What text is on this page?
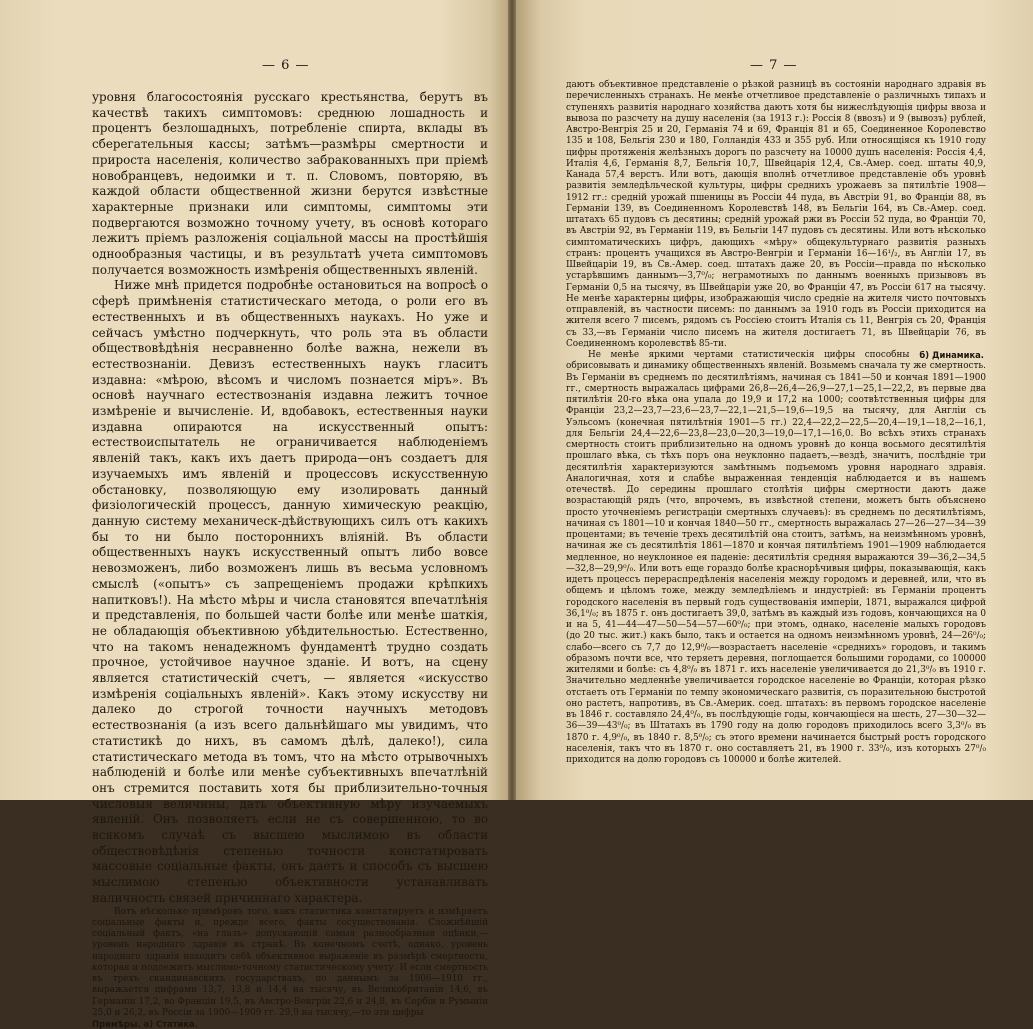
— 6 —

уровня благосостоянія русскаго крестьянства, берутъ въ качествѣ такихъ симптомовъ: среднюю лошадность и процентъ безлошадныхъ, потребленіе спирта, вклады въ сберегательныя кассы; затѣмъ—размѣры смертности и прироста населенія, количество забракованныхъ при пріемѣ новобранцевъ, недоимки и т. п. Словомъ, повторяю, въ каждой области общественной жизни берутся извѣстные характерные признаки или симптомы, симптомы эти подвергаются возможно точному учету, въ основѣ котораго лежитъ пріемъ разложенія соціальной массы на простѣйшія однообразныя частицы, и въ результатѣ учета симптомовъ получается возможность измѣренія общественныхъ явленій.

Ниже мнѣ придется подробнѣе остановиться на вопросѣ о сферѣ примѣненія статистическаго метода, о роли его въ естественныхъ и въ общественныхъ наукахъ. Но уже и сейчасъ умѣстно подчеркнуть, что роль эта въ области обществовѣдѣнія несравненно болѣе важна, нежели въ естествознаніи. Девизъ естественныхъ наукъ гласитъ издавна: «мѣрою, вѣсомъ и числомъ познается міръ». Въ основѣ научнаго естествознанія издавна лежитъ точное измѣреніе и вычисленіе. И, вдобавокъ, естественныя науки издавна опираются на искусственный опытъ: естествоиспытатель не ограничивается наблюденіемъ явленій такъ, какъ ихъ даетъ природа—онъ создаетъ для изучаемыхъ имъ явленій и процессовъ искусственную обстановку, позволяющую ему изолировать данный физіологическій процессъ, данную химическую реакцію, данную систему механическ-дѣйствующихъ силъ отъ какихъ бы то ни было постороннихъ вліяній. Въ области общественныхъ наукъ искусственный опытъ либо вовсе невозможенъ, либо возможенъ лишь въ весьма условномъ смыслѣ («опытъ» съ запрещеніемъ продажи крѣпкихъ напитковъ!). На мѣсто мѣры и числа становятся впечатлѣнія и представленія, по большей части болѣе или менѣе шаткія, не обладающія объективною убѣдительностью. Естественно, что на такомъ ненадежномъ фундаментѣ трудно создать прочное, устойчивое научное зданіе. И вотъ, на сцену является статистическій счетъ, — является «искусство измѣренія соціальныхъ явленій». Какъ этому искусству ни далеко до строгой точности научныхъ методовъ естествознанія (а изъ всего дальнѣйшаго мы увидимъ, что статистикѣ до нихъ, въ самомъ дѣлѣ, далеко!), сила статистическаго метода въ томъ, что на мѣсто отрывочныхъ наблюденій и болѣе или менѣе субъективныхъ впечатлѣній онъ стремится поставить хотя бы приблизительно-точныя числовыя величины, дать объективную мѣру изучаемыхъ явленій. Онъ позволяетъ если не съ совершенною, то во всякомъ случаѣ съ высшею мыслимою въ области обществовѣдѣнія степенью точности констатировать массовые соціальные факты, онъ даетъ и способъ съ высшею мыслимою степенью объективности устанавливать наличность связей причиннаго характера.

Вотъ нѣсколько примѣровъ того, какъ статистика констатируетъ и измѣряетъ соціальные факты и, прежде всего, факты сосуществованія. Сложнѣйшій соціальный фактъ, «на глазъ» допускающій самыя разнообразныя оцѣнки,— уровень народнаго здравія въ странѣ. Въ конечномъ счетѣ, однако, уровень народнаго здравія находитъ себѣ объективное выраженіе въ размѣрѣ смертности, которая и подлежитъ мыслимо-точному статистическому учету. И если смертность въ трехъ скандинавскихъ государствахъ, по даннымъ за 1906—1910 гг., выражается цифрами 13,7, 13,8 и 14,4 на тысячу, въ Великобританіи 14,6, въ Германіи 17,2, во Франціи 19,5, въ Австро-Венгріи 22,6 и 24,8, въ Сербіи и Румыніи 25,0 и 26,2, въ Россіи за 1900—1909 гг. 29,9 на тысячу,—то эти цифры

Примѣры. а) Статика.
— 7 —

даютъ объективное представленіе о рѣзкой разницѣ въ состояніи народнаго здравія въ перечисленныхъ странахъ. Не менѣе отчетливое представленіе о различныхъ типахъ и ступеняхъ развитія народнаго хозяйства даютъ хотя бы нижеслѣдующія цифры ввоза и вывоза по разсчету на душу населенія (за 1913 г.): Россія 8 (ввозъ) и 9 (вывозъ) рублей, Австро-Венгрія 25 и 20, Германія 74 и 69, Франція 81 и 65, Соединенное Королевство 135 и 108, Бельгія 230 и 180, Голландія 433 и 355 руб. Или относящіяся къ 1910 году цифры протяженія желѣзныхъ дорогъ по разсчету на 10000 душъ населенія: Россія 4,4, Италія 4,6, Германія 8,7, Бельгія 10,7, Швейцарія 12,4, Св.-Амер. соед. штаты 40,9, Канада 57,4 верстъ. Или вотъ, дающія вполнѣ отчетливое представленіе объ уровнѣ развитія земледѣльческой культуры, цифры среднихъ урожаевъ за пятилѣтіе 1908—1912 гг.: средній урожай пшеницы въ Россіи 44 пуда, въ Австріи 91, во Франціи 88, въ Германіи 139, въ Соединенномъ Королевствѣ 148, въ Бельгіи 164, въ Св.-Амер. соед. штатахъ 65 пудовъ съ десятины; средній урожай ржи въ Россіи 52 пуда, во Франціи 70, въ Австріи 92, въ Германіи 119, въ Бельгіи 147 пудовъ съ десятины. Или вотъ нѣсколько симптоматическихъ цифръ, дающихъ «мѣру» общекультурнаго развитія разныхъ странъ: процентъ учащихся въ Австро-Венгріи и Германіи 16—16¹/₂, въ Англіи 17, въ Швейцаріи 19, въ Св.-Амер. соед. штатахъ даже 20, въ Россіи—правда по нѣсколько устарѣвшимъ даннымъ—3,7⁰/₀; неграмотныхъ по даннымъ военныхъ призывовъ въ Германіи 0,5 на тысячу, въ Швейцаріи уже 20, во Франціи 47, въ Россіи 617 на тысячу. Не менѣе характерны цифры, изображающія число средніе на жителя чисто почтовыхъ отправленій, въ частности писемъ: по даннымъ за 1910 годъ въ Россіи приходится на жителя всего 7 писемъ, рядомъ съ Россіею стоитъ Италія съ 11, Венгрія съ 20, Франція съ 33,—въ Германіи число писемъ на жителя достигаетъ 71, въ Швейцаріи 76, въ Соединенномъ королевствѣ 85-ти.

б) Динамика.

Не менѣе яркими чертами статистическія цифры способны обрисовывать и динамику общественныхъ явленій. Возьмемъ сначала ту же смертность. Въ Германіи въ среднемъ по десятилѣтіямъ, начиная съ 1841—50 и кончая 1891—1900 гг., смертность выражалась цифрами 26,8—26,4—26,9—27,1—25,1—22,2, въ первые два пятилѣтія 20-го вѣка она упала до 19,9 и 17,2 на 1000; соотвѣтственныя цифры для Франціи 23,2—23,7—23,6—23,7—22,1—21,5—19,6—19,5 на тысячу, для Англіи съ Уэльсомъ (конечная пятилѣтнія 1901—5 гг.) 22,4—22,2—22,5—20,4—19,1—18,2—16,1, для Бельгіи 24,4—22,6—23,8—23,0—20,3—19,0—17,1—16,0. Во всѣхъ этихъ странахъ смертность стоитъ приблизительно на одномъ уровнѣ до конца восьмого десятилѣтія прошлаго вѣка, съ тѣхъ поръ она неуклонно падаетъ,—вездѣ, значитъ, послѣдніе три десятилѣтія характеризуются замѣтнымъ подъемомъ уровня народнаго здравія. Аналогичная, хотя и слабѣе выраженная тенденція наблюдается и въ нашемъ отечествѣ. До середины прошлаго столѣтія цифры смертности даютъ даже возрастающій рядъ (что, впрочемъ, въ извѣстной степени, можетъ быть объяснено просто уточненіемъ регистраціи смертныхъ случаевъ): въ среднемъ по десятилѣтіямъ, начиная съ 1801—10 и кончая 1840—50 гг., смертность выражалась 27—26—27—34—39 процентами; въ теченіе трехъ десятилѣтій она стоитъ, затѣмъ, на неизмѣнномъ уровнѣ, начиная же съ десятилѣтія 1861—1870 и кончая пятилѣтіемъ 1901—1909 наблюдается медленное, но неуклонное ея паденіе: десятилѣтія средняя выражаются 39—36,2—34,5—32,8—29,9⁰/₀. Или вотъ еще гораздо болѣе краснорѣчивыя цифры, показывающія, какъ идетъ процессъ перераспредѣленія населенія между городомъ и деревней, или, что въ общемъ и цѣломъ тоже, между земледѣліемъ и индустріей: въ Германіи процентъ городского населенія въ первый годъ существованія имперіи, 1871, выражался цифрой 36,1⁰/₀; въ 1875 г. онъ достигаетъ 39,0, затѣмъ въ каждый изъ годовъ, кончающихся на 0 и на 5, 41—44—47—50—54—57—60⁰/₀; при этомъ, однако, населеніе малыхъ городовъ (до 20 тыс. жит.) какъ было, такъ и остается на одномъ неизмѣнномъ уровнѣ, 24—26⁰/₀; слабо—всего съ 7,7 до 12,9⁰/₀—возрастаетъ населеніе «среднихъ» городовъ, и такимъ образомъ почти все, что теряетъ деревня, поглощается большими городами, со 100000 жителями и болѣе: съ 4,8⁰/₀ въ 1871 г. ихъ населеніе увеличивается до 21,3⁰/₀ въ 1910 г. Значительно медленнѣе увеличивается городское населеніе во Франціи, которая рѣзко отстаетъ отъ Германіи по темпу экономическаго развитія, съ поразительною быстротой оно растетъ, напротивъ, въ Св.-Америк. соед. штатахъ: въ первомъ городское населеніе въ 1846 г. составляло 24,4⁰/₀, въ послѣдующіе годы, кончающіеся на шесть, 27—30—32—36—39—43⁰/₀; въ Штатахъ въ 1790 году на долю городовъ приходилось всего 3,3⁰/₀ въ 1870 г. 4,9⁰/₀, въ 1840 г. 8,5⁰/₀; съ этого времени начинается быстрый ростъ городского населенія, такъ что въ 1870 г. оно составляетъ 21, въ 1900 г. 33⁰/₀, изъ которыхъ 27⁰/₀ приходится на долю городовъ съ 100000 и болѣе жителей.
